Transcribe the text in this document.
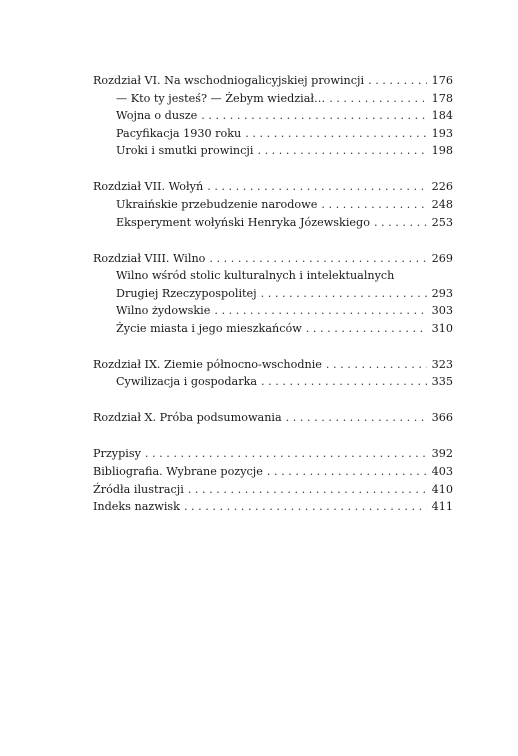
Rozdział VI. Na wschodniogalicyjskiej prowincji . . .	176
— Kto ty jesteś? — Żebym wiedział… . . .	178
Wojna o dusze . . .	184
Pacyfikacja 1930 roku . . .	193
Uroki i smutki prowincji . . .	198
Rozdział VII. Wołyń . . .	226
Ukraińskie przebudzenie narodowe . . .	248
Eksperyment wołyński Henryka Józewskiego . . .	253
Rozdział VIII. Wilno . . .	269
Wilno wśród stolic kulturalnych i intelektualnych
Drugiej Rzeczypospolitej . . .	293
Wilno żydowskie . . .	303
Życie miasta i jego mieszkańców . . .	310
Rozdział IX. Ziemie północno-wschodnie . . .	323
Cywilizacja i gospodarka . . .	335
Rozdział X. Próba podsumowania . . .	366
Przypisy . . .	392
Bibliografia. Wybrane pozycje . . .	403
Źródła ilustracji . . .	410
Indeks nazwisk . . .	411
